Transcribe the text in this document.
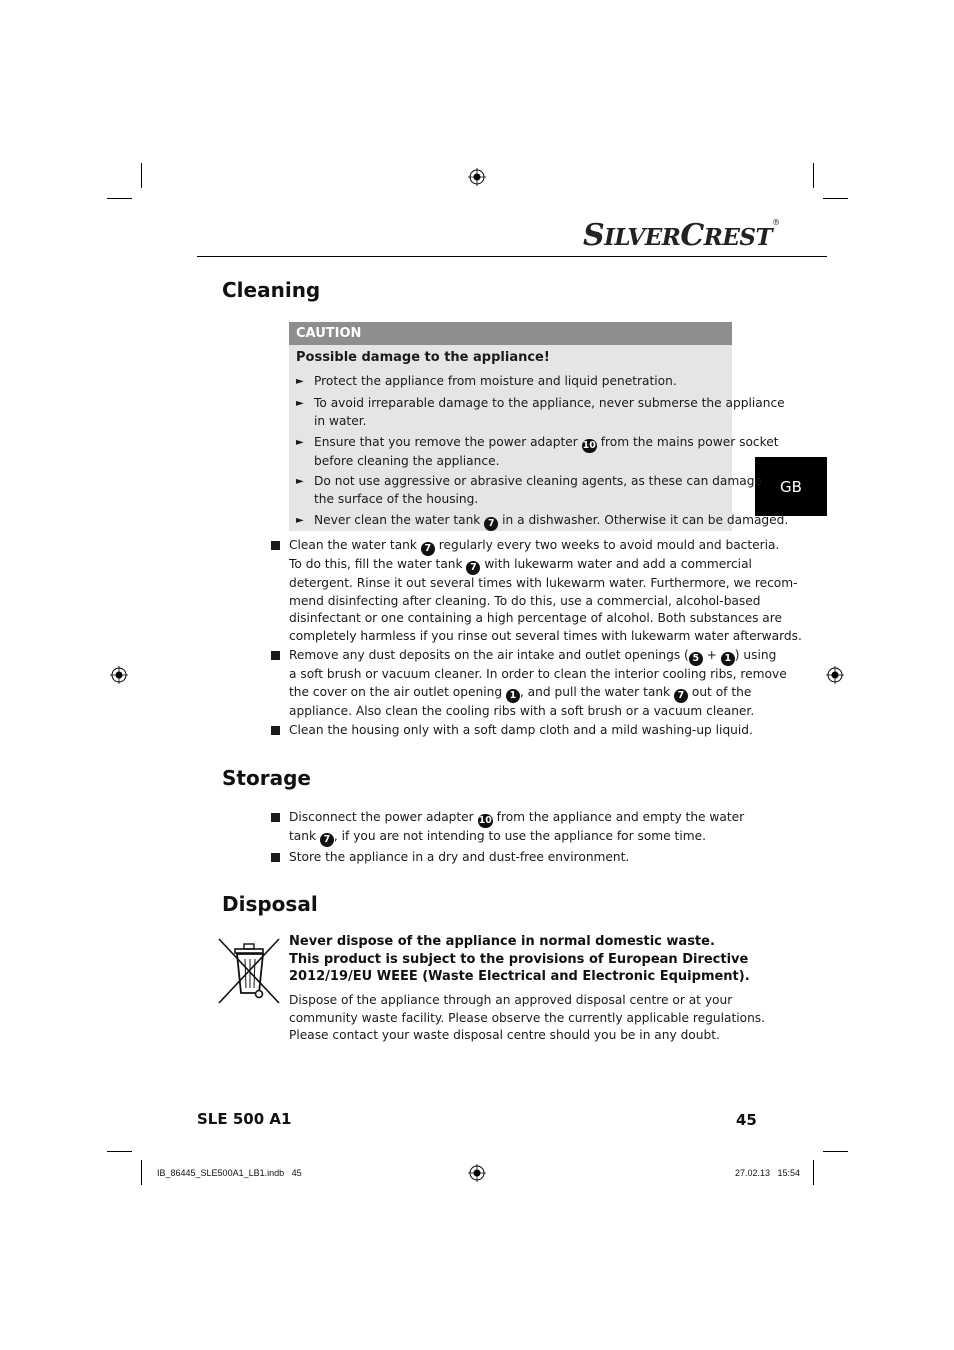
SILVERCREST®
GB
Cleaning
CAUTION
Possible damage to the appliance!
► Protect the appliance from moisture and liquid penetration.
► To avoid irreparable damage to the appliance, never submerse the appliance
in water.
► Ensure that you remove the power adapter 10 from the mains power socket
before cleaning the appliance.
► Do not use aggressive or abrasive cleaning agents, as these can damage
the surface of the housing.
► Never clean the water tank 7 in a dishwasher. Otherwise it can be damaged.
Clean the water tank 7 regularly every two weeks to avoid mould and bacteria.
To do this, fill the water tank 7 with lukewarm water and add a commercial
detergent. Rinse it out several times with lukewarm water. Furthermore, we recom-
mend disinfecting after cleaning. To do this, use a commercial, alcohol-based
disinfectant or one containing a high percentage of alcohol. Both substances are
completely harmless if you rinse out several times with lukewarm water afterwards.
Remove any dust deposits on the air intake and outlet openings ( 5 + 1 ) using
a soft brush or vacuum cleaner. In order to clean the interior cooling ribs, remove
the cover on the air outlet opening 1 , and pull the water tank 7 out of the
appliance. Also clean the cooling ribs with a soft brush or a vacuum cleaner.
Clean the housing only with a soft damp cloth and a mild washing-up liquid.
Storage
Disconnect the power adapter 10 from the appliance and empty the water
tank 7 , if you are not intending to use the appliance for some time.
Store the appliance in a dry and dust-free environment.
Disposal
Never dispose of the appliance in normal domestic waste.
This product is subject to the provisions of European Directive
2012/19/EU WEEE (Waste Electrical and Electronic Equipment).
Dispose of the appliance through an approved disposal centre or at your
community waste facility. Please observe the currently applicable regulations.
Please contact your waste disposal centre should you be in any doubt.
SLE 500 A1	45
IB_86445_SLE500A1_LB1.indb   45	27.02.13   15:54
